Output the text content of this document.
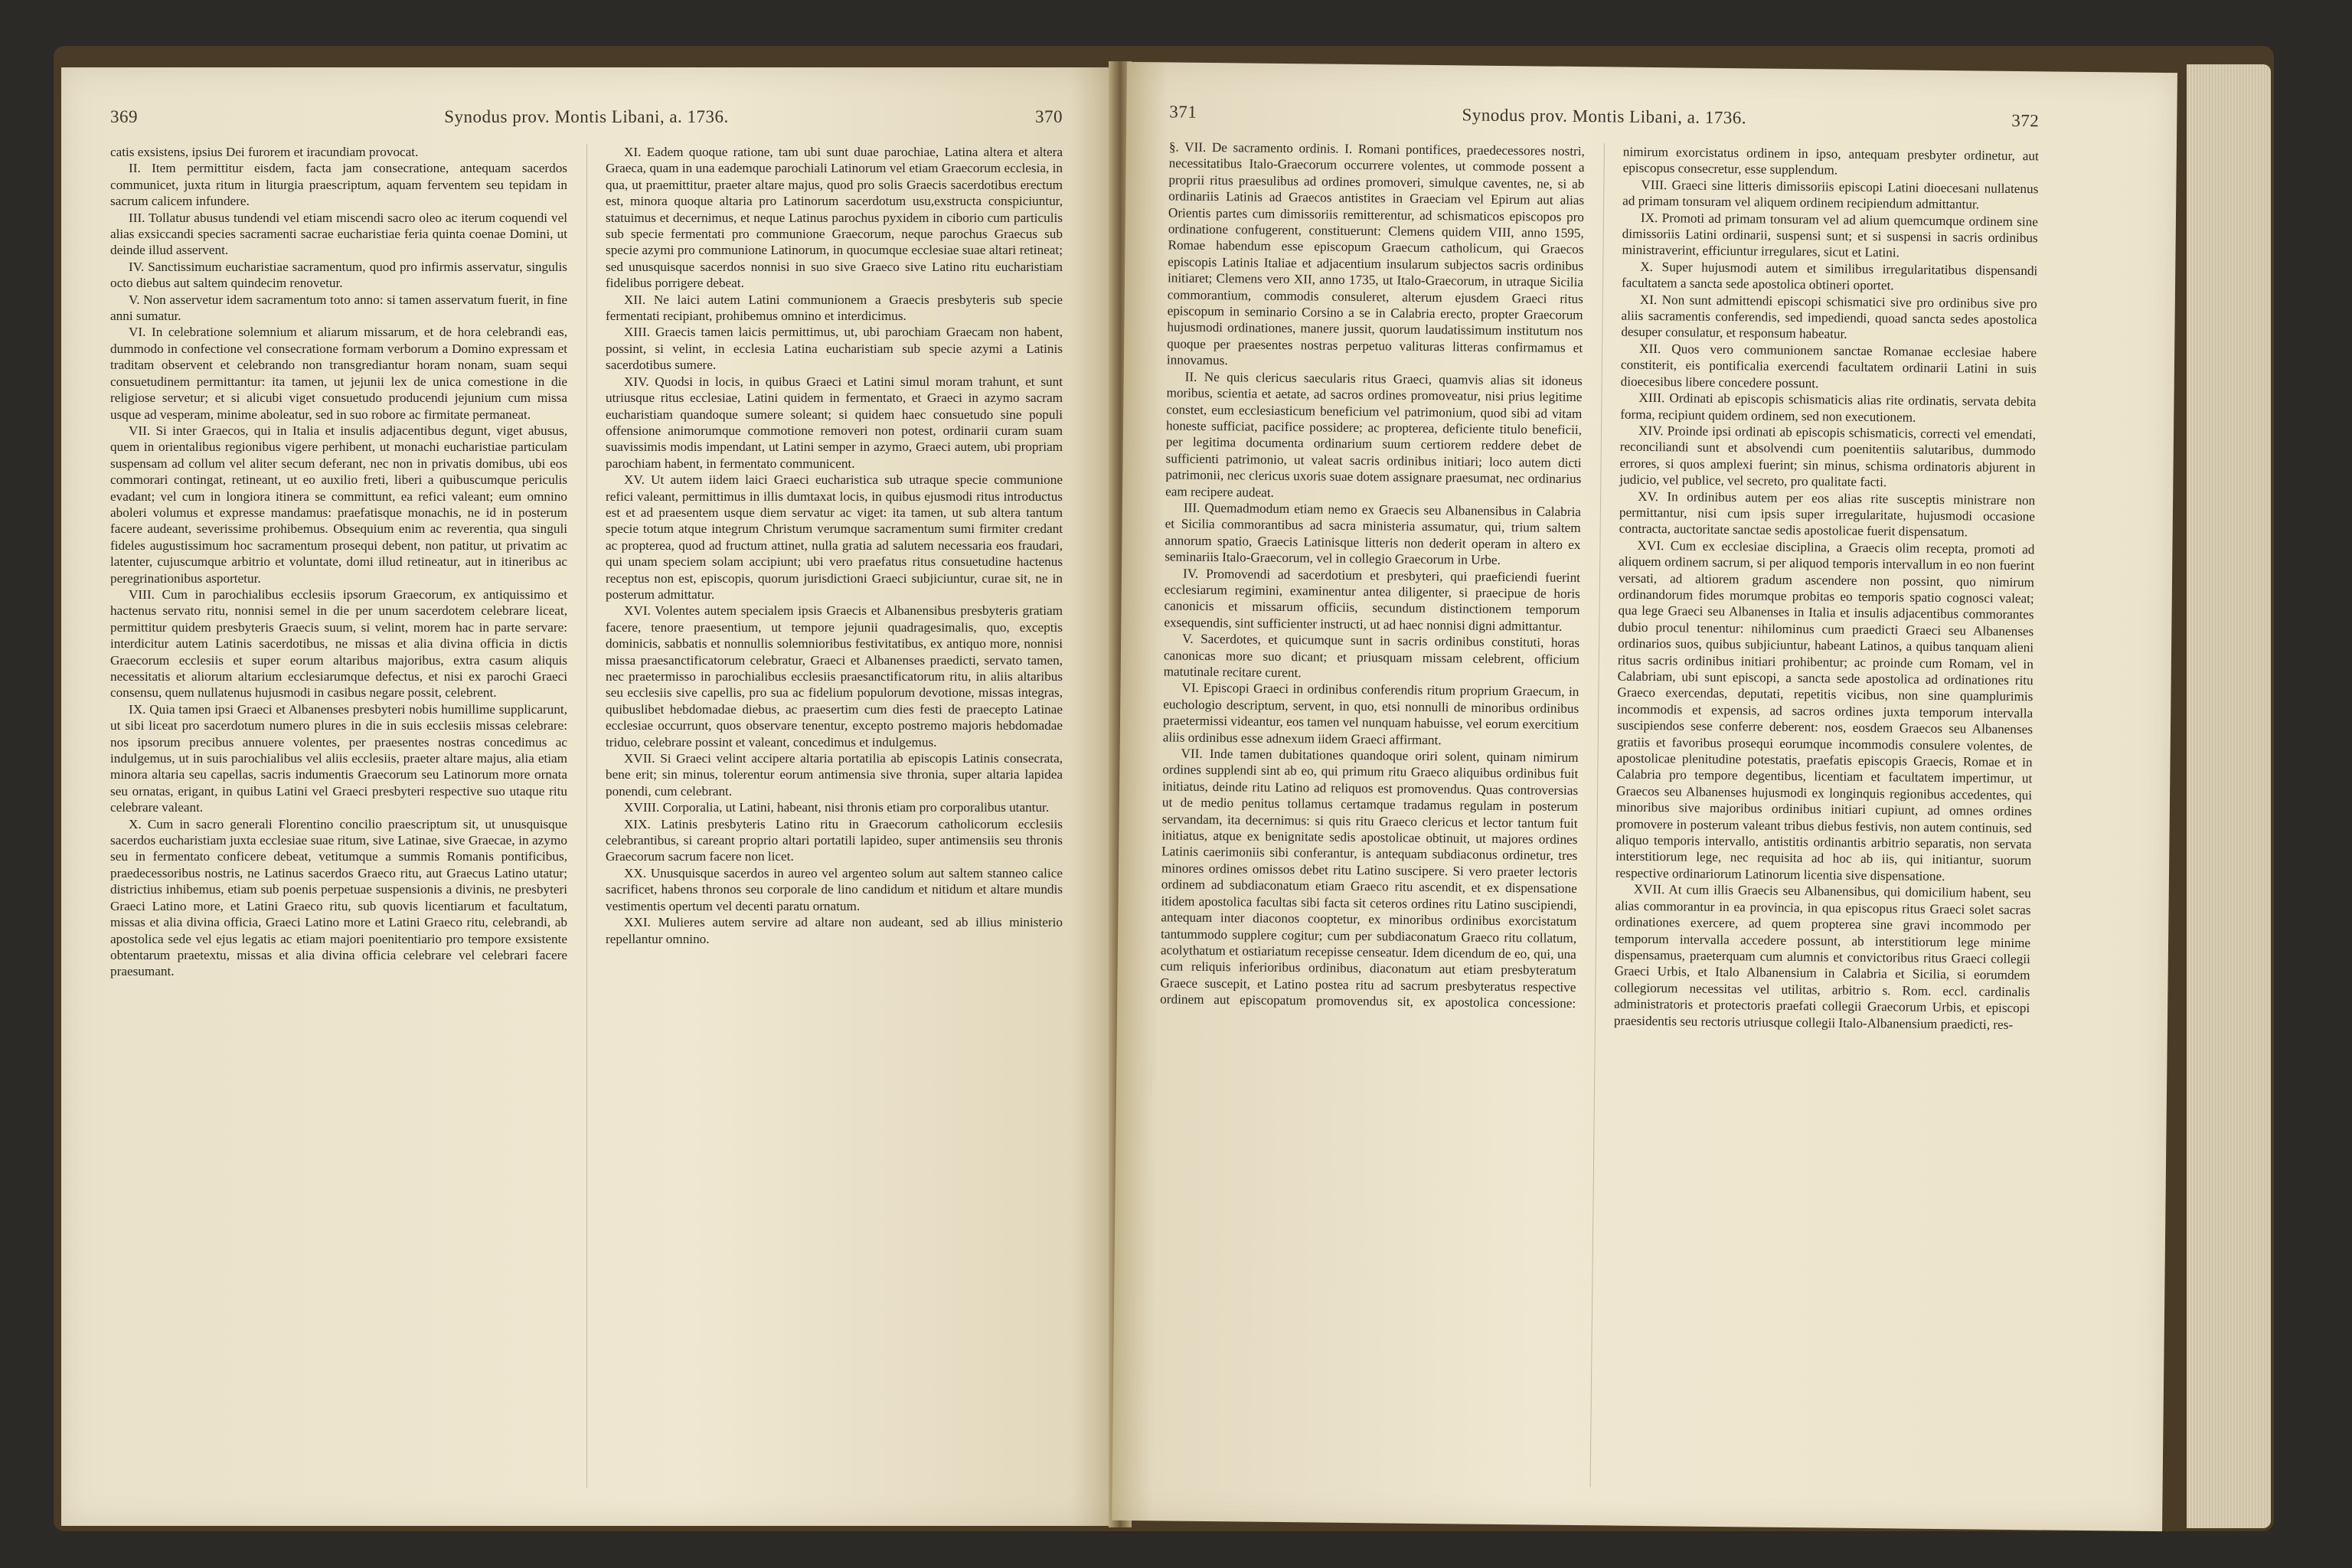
369	Synodus prov. Montis Libani, a. 1736.	370

catis exsistens, ipsius Dei furorem et iracundiam provocat.

II. Item permittitur eisdem, facta jam consecratione, antequam sacerdos communicet, juxta ritum in liturgia praescriptum, aquam ferventem seu tepidam in sacrum calicem infundere.

III. Tollatur abusus tundendi vel etiam miscendi sacro oleo ac iterum coquendi vel alias exsiccandi species sacramenti sacrae eucharistiae feria quinta coenae Domini, ut deinde illud asservent.

IV. Sanctissimum eucharistiae sacramentum, quod pro infirmis asservatur, singulis octo diebus aut saltem quindecim renovetur.

V. Non asservetur idem sacramentum toto anno: si tamen asservatum fuerit, in fine anni sumatur.

VI. In celebratione solemnium et aliarum missarum, et de hora celebrandi eas, dummodo in confectione vel consecratione formam verborum a Domino expressam et traditam observent et celebrando non transgrediantur horam nonam, suam sequi consuetudinem permittantur: ita tamen, ut jejunii lex de unica comestione in die religiose servetur; et si alicubi viget consuetudo producendi jejunium cum missa usque ad vesperam, minime aboleatur, sed in suo robore ac firmitate permaneat.

VII. Si inter Graecos, qui in Italia et insulis adjacentibus degunt, viget abusus, quem in orientalibus regionibus vigere perhibent, ut monachi eucharistiae particulam suspensam ad collum vel aliter secum deferant, nec non in privatis domibus, ubi eos commorari contingat, retineant, ut eo auxilio freti, liberi a quibuscumque periculis evadant; vel cum in longiora itinera se committunt, ea refici valeant; eum omnino aboleri volumus et expresse mandamus: praefatisque monachis, ne id in posterum facere audeant, severissime prohibemus. Obsequium enim ac reverentia, qua singuli fideles augustissimum hoc sacramentum prosequi debent, non patitur, ut privatim ac latenter, cujuscumque arbitrio et voluntate, domi illud retineatur, aut in itineribus ac peregrinationibus asportetur.

VIII. Cum in parochialibus ecclesiis ipsorum Graecorum, ex antiquissimo et hactenus servato ritu, nonnisi semel in die per unum sacerdotem celebrare liceat, permittitur quidem presbyteris Graecis suum, si velint, morem hac in parte servare: interdicitur autem Latinis sacerdotibus, ne missas et alia divina officia in dictis Graecorum ecclesiis et super eorum altaribus majoribus, extra casum aliquis necessitatis et aliorum altarium ecclesiarumque defectus, et nisi ex parochi Graeci consensu, quem nullatenus hujusmodi in casibus negare possit, celebrent.

IX. Quia tamen ipsi Graeci et Albanenses presbyteri nobis humillime supplicarunt, ut sibi liceat pro sacerdotum numero plures in die in suis ecclesiis missas celebrare: nos ipsorum precibus annuere volentes, per praesentes nostras concedimus ac indulgemus, ut in suis parochialibus vel aliis ecclesiis, praeter altare majus, alia etiam minora altaria seu capellas, sacris indumentis Graecorum seu Latinorum more ornata seu ornatas, erigant, in quibus Latini vel Graeci presbyteri respective suo utaque ritu celebrare valeant.

X. Cum in sacro generali Florentino concilio praescriptum sit, ut unusquisque sacerdos eucharistiam juxta ecclesiae suae ritum, sive Latinae, sive Graecae, in azymo seu in fermentato conficere debeat, vetitumque a summis Romanis pontificibus, praedecessoribus nostris, ne Latinus sacerdos Graeco ritu, aut Graecus Latino utatur; districtius inhibemus, etiam sub poenis perpetuae suspensionis a divinis, ne presbyteri Graeci Latino more, et Latini Graeco ritu, sub quovis licentiarum et facultatum, missas et alia divina officia, Graeci Latino more et Latini Graeco ritu, celebrandi, ab apostolica sede vel ejus legatis ac etiam majori poenitentiario pro tempore exsistente obtentarum praetextu, missas et alia divina officia celebrare vel celebrari facere praesumant.

XI. Eadem quoque ratione, tam ubi sunt duae parochiae, Latina altera et altera Graeca, quam in una eademque parochiali Latinorum vel etiam Graecorum ecclesia, in qua, ut praemittitur, praeter altare majus, quod pro solis Graecis sacerdotibus erectum est, minora quoque altaria pro Latinorum sacerdotum usu,exstructa conspiciuntur, statuimus et decernimus, et neque Latinus parochus pyxidem in ciborio cum particulis sub specie fermentati pro communione Graecorum, neque parochus Graecus sub specie azymi pro communione Latinorum, in quocumque ecclesiae suae altari retineat; sed unusquisque sacerdos nonnisi in suo sive Graeco sive Latino ritu eucharistiam fidelibus porrigere debeat.

XII. Ne laici autem Latini communionem a Graecis presbyteris sub specie fermentati recipiant, prohibemus omnino et interdicimus.

XIII. Graecis tamen laicis permittimus, ut, ubi parochiam Graecam non habent, possint, si velint, in ecclesia Latina eucharistiam sub specie azymi a Latinis sacerdotibus sumere.

XIV. Quodsi in locis, in quibus Graeci et Latini simul moram trahunt, et sunt utriusque ritus ecclesiae, Latini quidem in fermentato, et Graeci in azymo sacram eucharistiam quandoque sumere soleant; si quidem haec consuetudo sine populi offensione animorumque commotione removeri non potest, ordinarii curam suam suavissimis modis impendant, ut Latini semper in azymo, Graeci autem, ubi propriam parochiam habent, in fermentato communicent.

XV. Ut autem iidem laici Graeci eucharistica sub utraque specie communione refici valeant, permittimus in illis dumtaxat locis, in quibus ejusmodi ritus introductus est et ad praesentem usque diem servatur ac viget: ita tamen, ut sub altera tantum specie totum atque integrum Christum verumque sacramentum sumi firmiter credant ac propterea, quod ad fructum attinet, nulla gratia ad salutem necessaria eos fraudari, qui unam speciem solam accipiunt; ubi vero praefatus ritus consuetudine hactenus receptus non est, episcopis, quorum jurisdictioni Graeci subjiciuntur, curae sit, ne in posterum admittatur.

XVI. Volentes autem specialem ipsis Graecis et Albanensibus presbyteris gratiam facere, tenore praesentium, ut tempore jejunii quadragesimalis, quo, exceptis dominicis, sabbatis et nonnullis solemnioribus festivitatibus, ex antiquo more, nonnisi missa praesanctificatorum celebratur, Graeci et Albanenses praedicti, servato tamen, nec praetermisso in parochialibus ecclesiis praesanctificatorum ritu, in aliis altaribus seu ecclesiis sive capellis, pro sua ac fidelium populorum devotione, missas integras, quibuslibet hebdomadae diebus, ac praesertim cum dies festi de praecepto Latinae ecclesiae occurrunt, quos observare tenentur, excepto postremo majoris hebdomadae triduo, celebrare possint et valeant, concedimus et indulgemus.

XVII. Si Graeci velint accipere altaria portatilia ab episcopis Latinis consecrata, bene erit; sin minus, tolerentur eorum antimensia sive thronia, super altaria lapidea ponendi, cum celebrant.

XVIII. Corporalia, ut Latini, habeant, nisi thronis etiam pro corporalibus utantur.

XIX. Latinis presbyteris Latino ritu in Graecorum catholicorum ecclesiis celebrantibus, si careant proprio altari portatili lapideo, super antimensiis seu thronis Graecorum sacrum facere non licet.

XX. Unusquisque sacerdos in aureo vel argenteo solum aut saltem stanneo calice sacrificet, habens thronos seu corporale de lino candidum et nitidum et altare mundis vestimentis opertum vel decenti paratu ornatum.

XXI. Mulieres autem servire ad altare non audeant, sed ab illius ministerio repellantur omnino.

371	Synodus prov. Montis Libani, a. 1736.	372

§. VII. De sacramento ordinis. I. Romani pontifices, praedecessores nostri, necessitatibus Italo-Graecorum occurrere volentes, ut commode possent a proprii ritus praesulibus ad ordines promoveri, simulque caventes, ne, si ab ordinariis Latinis ad Graecos antistites in Graeciam vel Epirum aut alias Orientis partes cum dimissoriis remitterentur, ad schismaticos episcopos pro ordinatione confugerent, constituerunt: Clemens quidem VIII, anno 1595, Romae habendum esse episcopum Graecum catholicum, qui Graecos episcopis Latinis Italiae et adjacentium insularum subjectos sacris ordinibus initiaret; Clemens vero XII, anno 1735, ut Italo-Graecorum, in utraque Sicilia commorantium, commodis consuleret, alterum ejusdem Graeci ritus episcopum in seminario Corsino a se in Calabria erecto, propter Graecorum hujusmodi ordinationes, manere jussit, quorum laudatissimum institutum nos quoque per praesentes nostras perpetuo valituras litteras confirmamus et innovamus.

II. Ne quis clericus saecularis ritus Graeci, quamvis alias sit idoneus moribus, scientia et aetate, ad sacros ordines promoveatur, nisi prius legitime constet, eum ecclesiasticum beneficium vel patrimonium, quod sibi ad vitam honeste sufficiat, pacifice possidere; ac propterea, deficiente titulo beneficii, per legitima documenta ordinarium suum certiorem reddere debet de sufficienti patrimonio, ut valeat sacris ordinibus initiari; loco autem dicti patrimonii, nec clericus uxoris suae dotem assignare praesumat, nec ordinarius eam recipere audeat.

III. Quemadmodum etiam nemo ex Graecis seu Albanensibus in Calabria et Sicilia commorantibus ad sacra ministeria assumatur, qui, trium saltem annorum spatio, Graecis Latinisque litteris non dederit operam in altero ex seminariis Italo-Graecorum, vel in collegio Graecorum in Urbe.

IV. Promovendi ad sacerdotium et presbyteri, qui praeficiendi fuerint ecclesiarum regimini, examinentur antea diligenter, si praecipue de horis canonicis et missarum officiis, secundum distinctionem temporum exsequendis, sint sufficienter instructi, ut ad haec nonnisi digni admittantur.

V. Sacerdotes, et quicumque sunt in sacris ordinibus constituti, horas canonicas more suo dicant; et priusquam missam celebrent, officium matutinale recitare curent.

VI. Episcopi Graeci in ordinibus conferendis ritum proprium Graecum, in euchologio descriptum, servent, in quo, etsi nonnulli de minoribus ordinibus praetermissi videantur, eos tamen vel nunquam habuisse, vel eorum exercitium aliis ordinibus esse adnexum iidem Graeci affirmant.

VII. Inde tamen dubitationes quandoque oriri solent, quinam nimirum ordines supplendi sint ab eo, qui primum ritu Graeco aliquibus ordinibus fuit initiatus, deinde ritu Latino ad reliquos est promovendus. Quas controversias ut de medio penitus tollamus certamque tradamus regulam in posterum servandam, ita decernimus: si quis ritu Graeco clericus et lector tantum fuit initiatus, atque ex benignitate sedis apostolicae obtinuit, ut majores ordines Latinis caerimoniis sibi conferantur, is antequam subdiaconus ordinetur, tres minores ordines omissos debet ritu Latino suscipere. Si vero praeter lectoris ordinem ad subdiaconatum etiam Graeco ritu ascendit, et ex dispensatione itidem apostolica facultas sibi facta sit ceteros ordines ritu Latino suscipiendi, antequam inter diaconos cooptetur, ex minoribus ordinibus exorcistatum tantummodo supplere cogitur; cum per subdiaconatum Graeco ritu collatum, acolythatum et ostiariatum recepisse censeatur. Idem dicendum de eo, qui, una cum reliquis inferioribus ordinibus, diaconatum aut etiam presbyteratum Graece suscepit, et Latino postea ritu ad sacrum presbyteratus respective ordinem aut episcopatum promovendus sit, ex apostolica concessione: nimirum exorcistatus ordinem in ipso, antequam presbyter ordinetur, aut episcopus consecretur, esse supplendum.

VIII. Graeci sine litteris dimissoriis episcopi Latini dioecesani nullatenus ad primam tonsuram vel aliquem ordinem recipiendum admittantur.

IX. Promoti ad primam tonsuram vel ad alium quemcumque ordinem sine dimissoriis Latini ordinarii, suspensi sunt; et si suspensi in sacris ordinibus ministraverint, efficiuntur irregulares, sicut et Latini.

X. Super hujusmodi autem et similibus irregularitatibus dispensandi facultatem a sancta sede apostolica obtineri oportet.

XI. Non sunt admittendi episcopi schismatici sive pro ordinibus sive pro aliis sacramentis conferendis, sed impediendi, quoad sancta sedes apostolica desuper consulatur, et responsum habeatur.

XII. Quos vero communionem sanctae Romanae ecclesiae habere constiterit, eis pontificalia exercendi facultatem ordinarii Latini in suis dioecesibus libere concedere possunt.

XIII. Ordinati ab episcopis schismaticis alias rite ordinatis, servata debita forma, recipiunt quidem ordinem, sed non executionem.

XIV. Proinde ipsi ordinati ab episcopis schismaticis, correcti vel emendati, reconciliandi sunt et absolvendi cum poenitentiis salutaribus, dummodo errores, si quos amplexi fuerint; sin minus, schisma ordinatoris abjurent in judicio, vel publice, vel secreto, pro qualitate facti.

XV. In ordinibus autem per eos alias rite susceptis ministrare non permittantur, nisi cum ipsis super irregularitate, hujusmodi occasione contracta, auctoritate sanctae sedis apostolicae fuerit dispensatum.

XVI. Cum ex ecclesiae disciplina, a Graecis olim recepta, promoti ad aliquem ordinem sacrum, si per aliquod temporis intervallum in eo non fuerint versati, ad altiorem gradum ascendere non possint, quo nimirum ordinandorum fides morumque probitas eo temporis spatio cognosci valeat; qua lege Graeci seu Albanenses in Italia et insulis adjacentibus commorantes dubio procul tenentur: nihilominus cum praedicti Graeci seu Albanenses ordinarios suos, quibus subjiciuntur, habeant Latinos, a quibus tanquam alieni ritus sacris ordinibus initiari prohibentur; ac proinde cum Romam, vel in Calabriam, ubi sunt episcopi, a sancta sede apostolica ad ordinationes ritu Graeco exercendas, deputati, repetitis vicibus, non sine quamplurimis incommodis et expensis, ad sacros ordines juxta temporum intervalla suscipiendos sese conferre deberent: nos, eosdem Graecos seu Albanenses gratiis et favoribus prosequi eorumque incommodis consulere volentes, de apostolicae plenitudine potestatis, praefatis episcopis Graecis, Romae et in Calabria pro tempore degentibus, licentiam et facultatem impertimur, ut Graecos seu Albanenses hujusmodi ex longinquis regionibus accedentes, qui minoribus sive majoribus ordinibus initiari cupiunt, ad omnes ordines promovere in posterum valeant tribus diebus festivis, non autem continuis, sed aliquo temporis intervallo, antistitis ordinantis arbitrio separatis, non servata interstitiorum lege, nec requisita ad hoc ab iis, qui initiantur, suorum respective ordinariorum Latinorum licentia sive dispensatione.

XVII. At cum illis Graecis seu Albanensibus, qui domicilium habent, seu alias commorantur in ea provincia, in qua episcopus ritus Graeci solet sacras ordinationes exercere, ad quem propterea sine gravi incommodo per temporum intervalla accedere possunt, ab interstitiorum lege minime dispensamus, praeterquam cum alumnis et convictoribus ritus Graeci collegii Graeci Urbis, et Italo Albanensium in Calabria et Sicilia, si eorumdem collegiorum necessitas vel utilitas, arbitrio s. Rom. eccl. cardinalis administratoris et protectoris praefati collegii Graecorum Urbis, et episcopi praesidentis seu rectoris utriusque collegii Italo-Albanensium praedicti, res-
